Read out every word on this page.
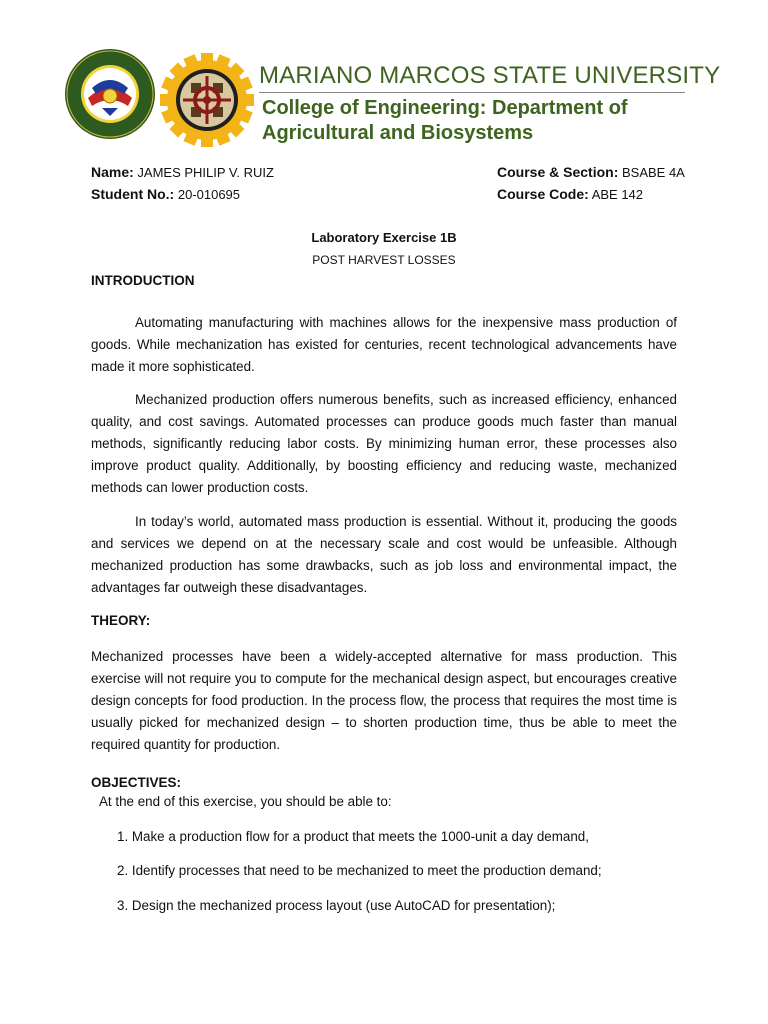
MARIANO MARCOS STATE UNIVERSITY
College of Engineering: Department of Agricultural and Biosystems
Name: JAMES PHILIP V. RUIZ
Student No.: 20-010695
Course & Section: BSABE 4A
Course Code: ABE 142
Laboratory Exercise 1B
POST HARVEST LOSSES
INTRODUCTION

Automating manufacturing with machines allows for the inexpensive mass production of goods. While mechanization has existed for centuries, recent technological advancements have made it more sophisticated.

Mechanized production offers numerous benefits, such as increased efficiency, enhanced quality, and cost savings. Automated processes can produce goods much faster than manual methods, significantly reducing labor costs. By minimizing human error, these processes also improve product quality. Additionally, by boosting efficiency and reducing waste, mechanized methods can lower production costs.

In today’s world, automated mass production is essential. Without it, producing the goods and services we depend on at the necessary scale and cost would be unfeasible. Although mechanized production has some drawbacks, such as job loss and environmental impact, the advantages far outweigh these disadvantages.

THEORY:

Mechanized processes have been a widely-accepted alternative for mass production. This exercise will not require you to compute for the mechanical design aspect, but encourages creative design concepts for food production. In the process flow, the process that requires the most time is usually picked for mechanized design – to shorten production time, thus be able to meet the required quantity for production.

OBJECTIVES:
At the end of this exercise, you should be able to:
1. Make a production flow for a product that meets the 1000-unit a day demand,
2. Identify processes that need to be mechanized to meet the production demand;
3. Design the mechanized process layout (use AutoCAD for presentation);
